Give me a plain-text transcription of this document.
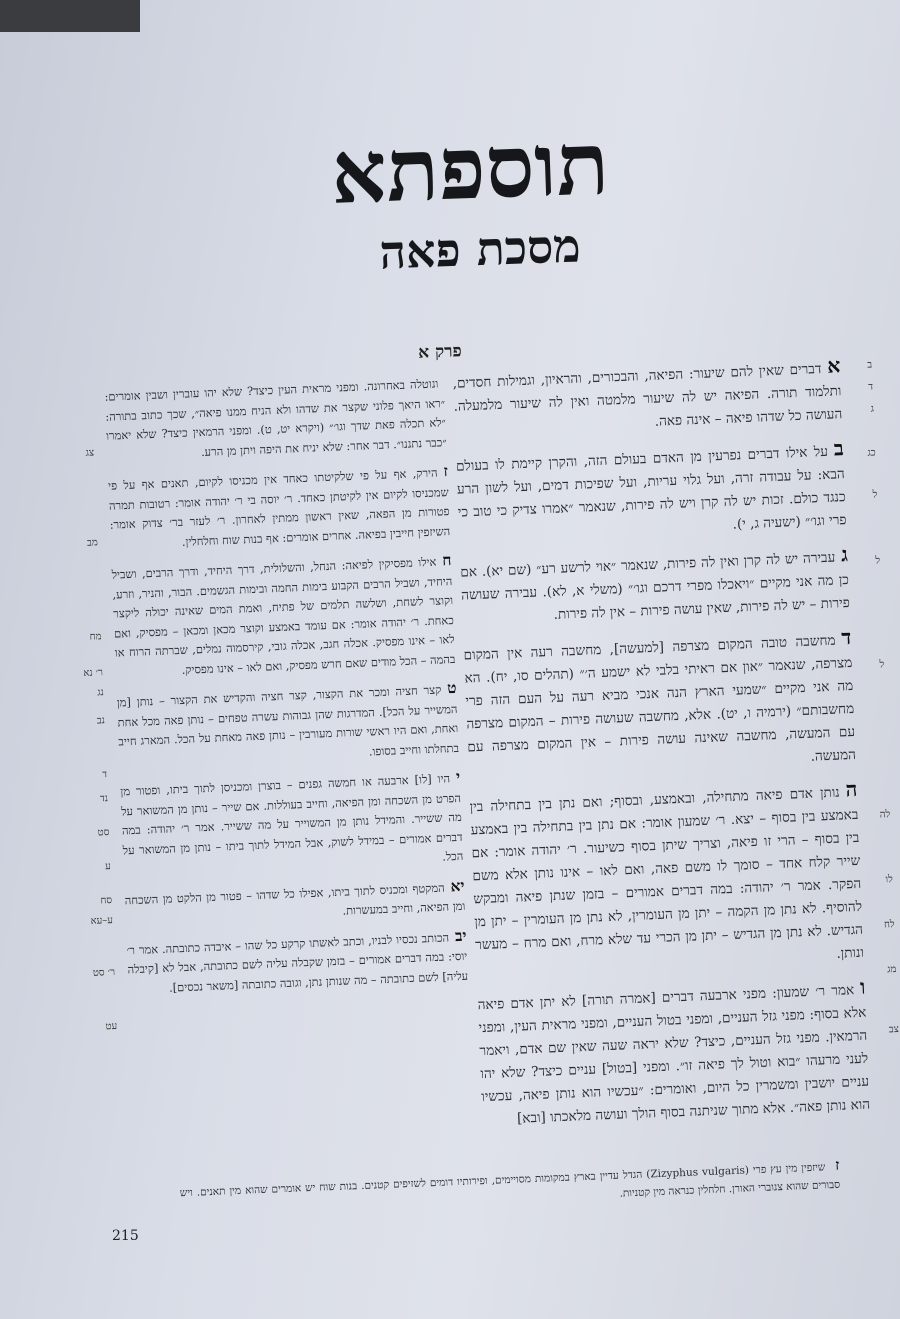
תוספתא
מסכת פאה
פרק א

אדברים שאין להם שיעור: הפיאה, והבכורים, והראיון, וגמילות חסדים, ותלמוד תורה. הפיאה יש לה שיעור מלמטה ואין לה שיעור מלמעלה. העושה כל שדהו פיאה – אינה פאה.

בעל אילו דברים נפרעין מן האדם בעולם הזה, והקרן קיימת לו בעולם הבא: על עבודה זרה, ועל גלוי עריות, ועל שפיכות דמים, ועל לשון הרע כנגד כולם. זכות יש לה קרן ויש לה פירות, שנאמר ״אמרו צדיק כי טוב כי פרי וגו׳״ (ישעיה ג, י).

געבירה יש לה קרן ואין לה פירות, שנאמר ״אוי לרשע רע״ (שם יא). אם כן מה אני מקיים ״ויאכלו מפרי דרכם וגו׳״ (משלי א, לא). עבירה שעושה פירות – יש לה פירות, שאין עושה פירות – אין לה פירות.

דמחשבה טובה המקום מצרפה [למעשה], מחשבה רעה אין המקום מצרפה, שנאמר ״און אם ראיתי בלבי לא ישמע ה׳״ (תהלים סו, יח). הא מה אני מקיים ״שמעי הארץ הנה אנכי מביא רעה על העם הזה פרי מחשבותם״ (ירמיה ו, יט). אלא, מחשבה שעושה פירות – המקום מצרפה עם המעשה, מחשבה שאינה עושה פירות – אין המקום מצרפה עם המעשה.

הנותן אדם פיאה מתחילה, ובאמצע, ובסוף; ואם נתן בין בתחילה בין באמצע בין בסוף – יצא. ר׳ שמעון אומר: אם נתן בין בתחילה בין באמצע בין בסוף – הרי זו פיאה, וצריך שיתן בסוף כשיעור. ר׳ יהודה אומר: אם שייר קלח אחד – סומך לו משם פאה, ואם לאו – אינו נותן אלא משם הפקר. אמר ר׳ יהודה: במה דברים אמורים – בזמן שנתן פיאה ומבקש להוסיף. לא נתן מן הקמה – יתן מן העומרין, לא נתן מן העומרין – יתן מן הגדיש. לא נתן מן הגדיש – יתן מן הכרי עד שלא מרח, ואם מרח – מעשר ונותן.

ואמר ר׳ שמעון: מפני ארבעה דברים [אמרה תורה] לא יתן אדם פיאה אלא בסוף: מפני גזל העניים, ומפני בטול העניים, ומפני מראית העין, ומפני הרמאין. מפני גזל העניים, כיצד? שלא יראה שעה שאין שם אדם, ויאמר לעני מרעהו ״בוא וטול לך פיאה זו״. ומפני [בטול] עניים כיצד? שלא יהו עניים יושבין ומשמרין כל היום, ואומרים: ״עכשיו הוא נותן פיאה, עכשיו הוא נותן פאה״. אלא מתוך שניתנה בסוף הולך ועושה מלאכתו [ובא]

ונוטלה באחרונה. ומפני מראית העין כיצד? שלא יהו עוברין ושבין אומרים: ״ראו היאך פלוני שקצר את שדהו ולא הניח ממנו פיאה״, שכך כתוב בתורה: ״לא תכלה פאת שדך וגו׳״ (ויקרא יט, ט). ומפני הרמאין כיצד? שלא יאמרו ״כבר נתננו״. דבר אחר: שלא יניח את היפה ויתן מן הרע.

זהירק, אף על פי שלקיטתו כאחד אין מכניסו לקיום, תאנים אף על פי שמכניסו לקיום אין לקיטתן כאחד. ר׳ יוסה בי ר׳ יהודה אומר: רטובות תמרה פטורות מן הפאה, שאין ראשון ממתין לאחרון. ר׳ לעזר בר׳ צדוק אומר: השיזפין חייבין בפיאה. אחרים אומרים: אף בנות שוח וחלחלין.

חאילו מפסיקין לפיאה: הנחל, והשלולית, דרך היחיד, ודרך הרבים, ושביל היחיד, ושביל הרבים הקבוע בימות החמה ובימות הגשמים. הבור, והניר, וזרע, וקוצר לשחת, ושלשה תלמים של פתיח, ואמת המים שאינה יכולה ליקצר כאחת. ר׳ יהודה אומר: אם עומד באמצע וקוצר מכאן ומכאן – מפסיק, ואם לאו – אינו מפסיק. אכלה חגב, אכלה גובי, קירסמוה נמלים, שברתה הרוח או בהמה – הכל מודים שאם חרש מפסיק, ואם לאו – אינו מפסיק.

טקצר חציה ומכר את הקצור, קצר חציה והקדיש את הקצור – נותן [מן המשייר על הכל]. המדרגות שהן גבוהות עשרה טפחים – נותן פאה מכל אחת ואחת, ואם היו ראשי שורות מעורבין – נותן פאה מאחת על הכל. המארג חייב בתחלתו וחייב בסופו.

יהיו [לו] ארבעה או חמשה גפנים – בוצרן ומכניסן לתוך ביתו, ופטור מן הפרט מן השכחה ומן הפיאה, וחייב בעוללות. אם שייר – נותן מן המשואר על מה ששייר. והמידל נותן מן המשוייר על מה ששייר. אמר ר׳ יהודה: במה דברים אמורים – במידל לשוק, אבל המידל לתוך ביתו – נותן מן המשואר על הכל.

יאהמקטף ומכניס לתוך ביתו, אפילו כל שדהו – פטור מן הלקט מן השכחה ומן הפיאה, וחייב במעשרות.

יבהכותב נכסיו לבניו, וכתב לאשתו קרקע כל שהו – איבדה כתובתה. אמר ר׳ יוסי: במה דברים אמורים – בזמן שקבלה עליה לשם כתובתה, אבל לא [קיבלה עליה] לשם כתובתה – מה שנותן נתן, וגובה כתובתה [משאר נכסים].

ב
ד
ג
כג
ל
ל
ל
לה
לו
לח
מג
צב
צג
מב
מח
ר׳ נא
נג
נב
ד
נד
סט
ע
סח
ע–עא
ר׳ סט
עט
ז שיזפין מין עץ פרי (Zizyphus vulgaris) הגדל עדיין בארץ במקומות מסויימים, ופירותיו דומים לשזיפים קטנים. בנות שוח יש אומרים שהוא מין תאנים. ויש סבורים שהוא צנוברי האורן. חלחלין כנראה מין קטניות.
215
